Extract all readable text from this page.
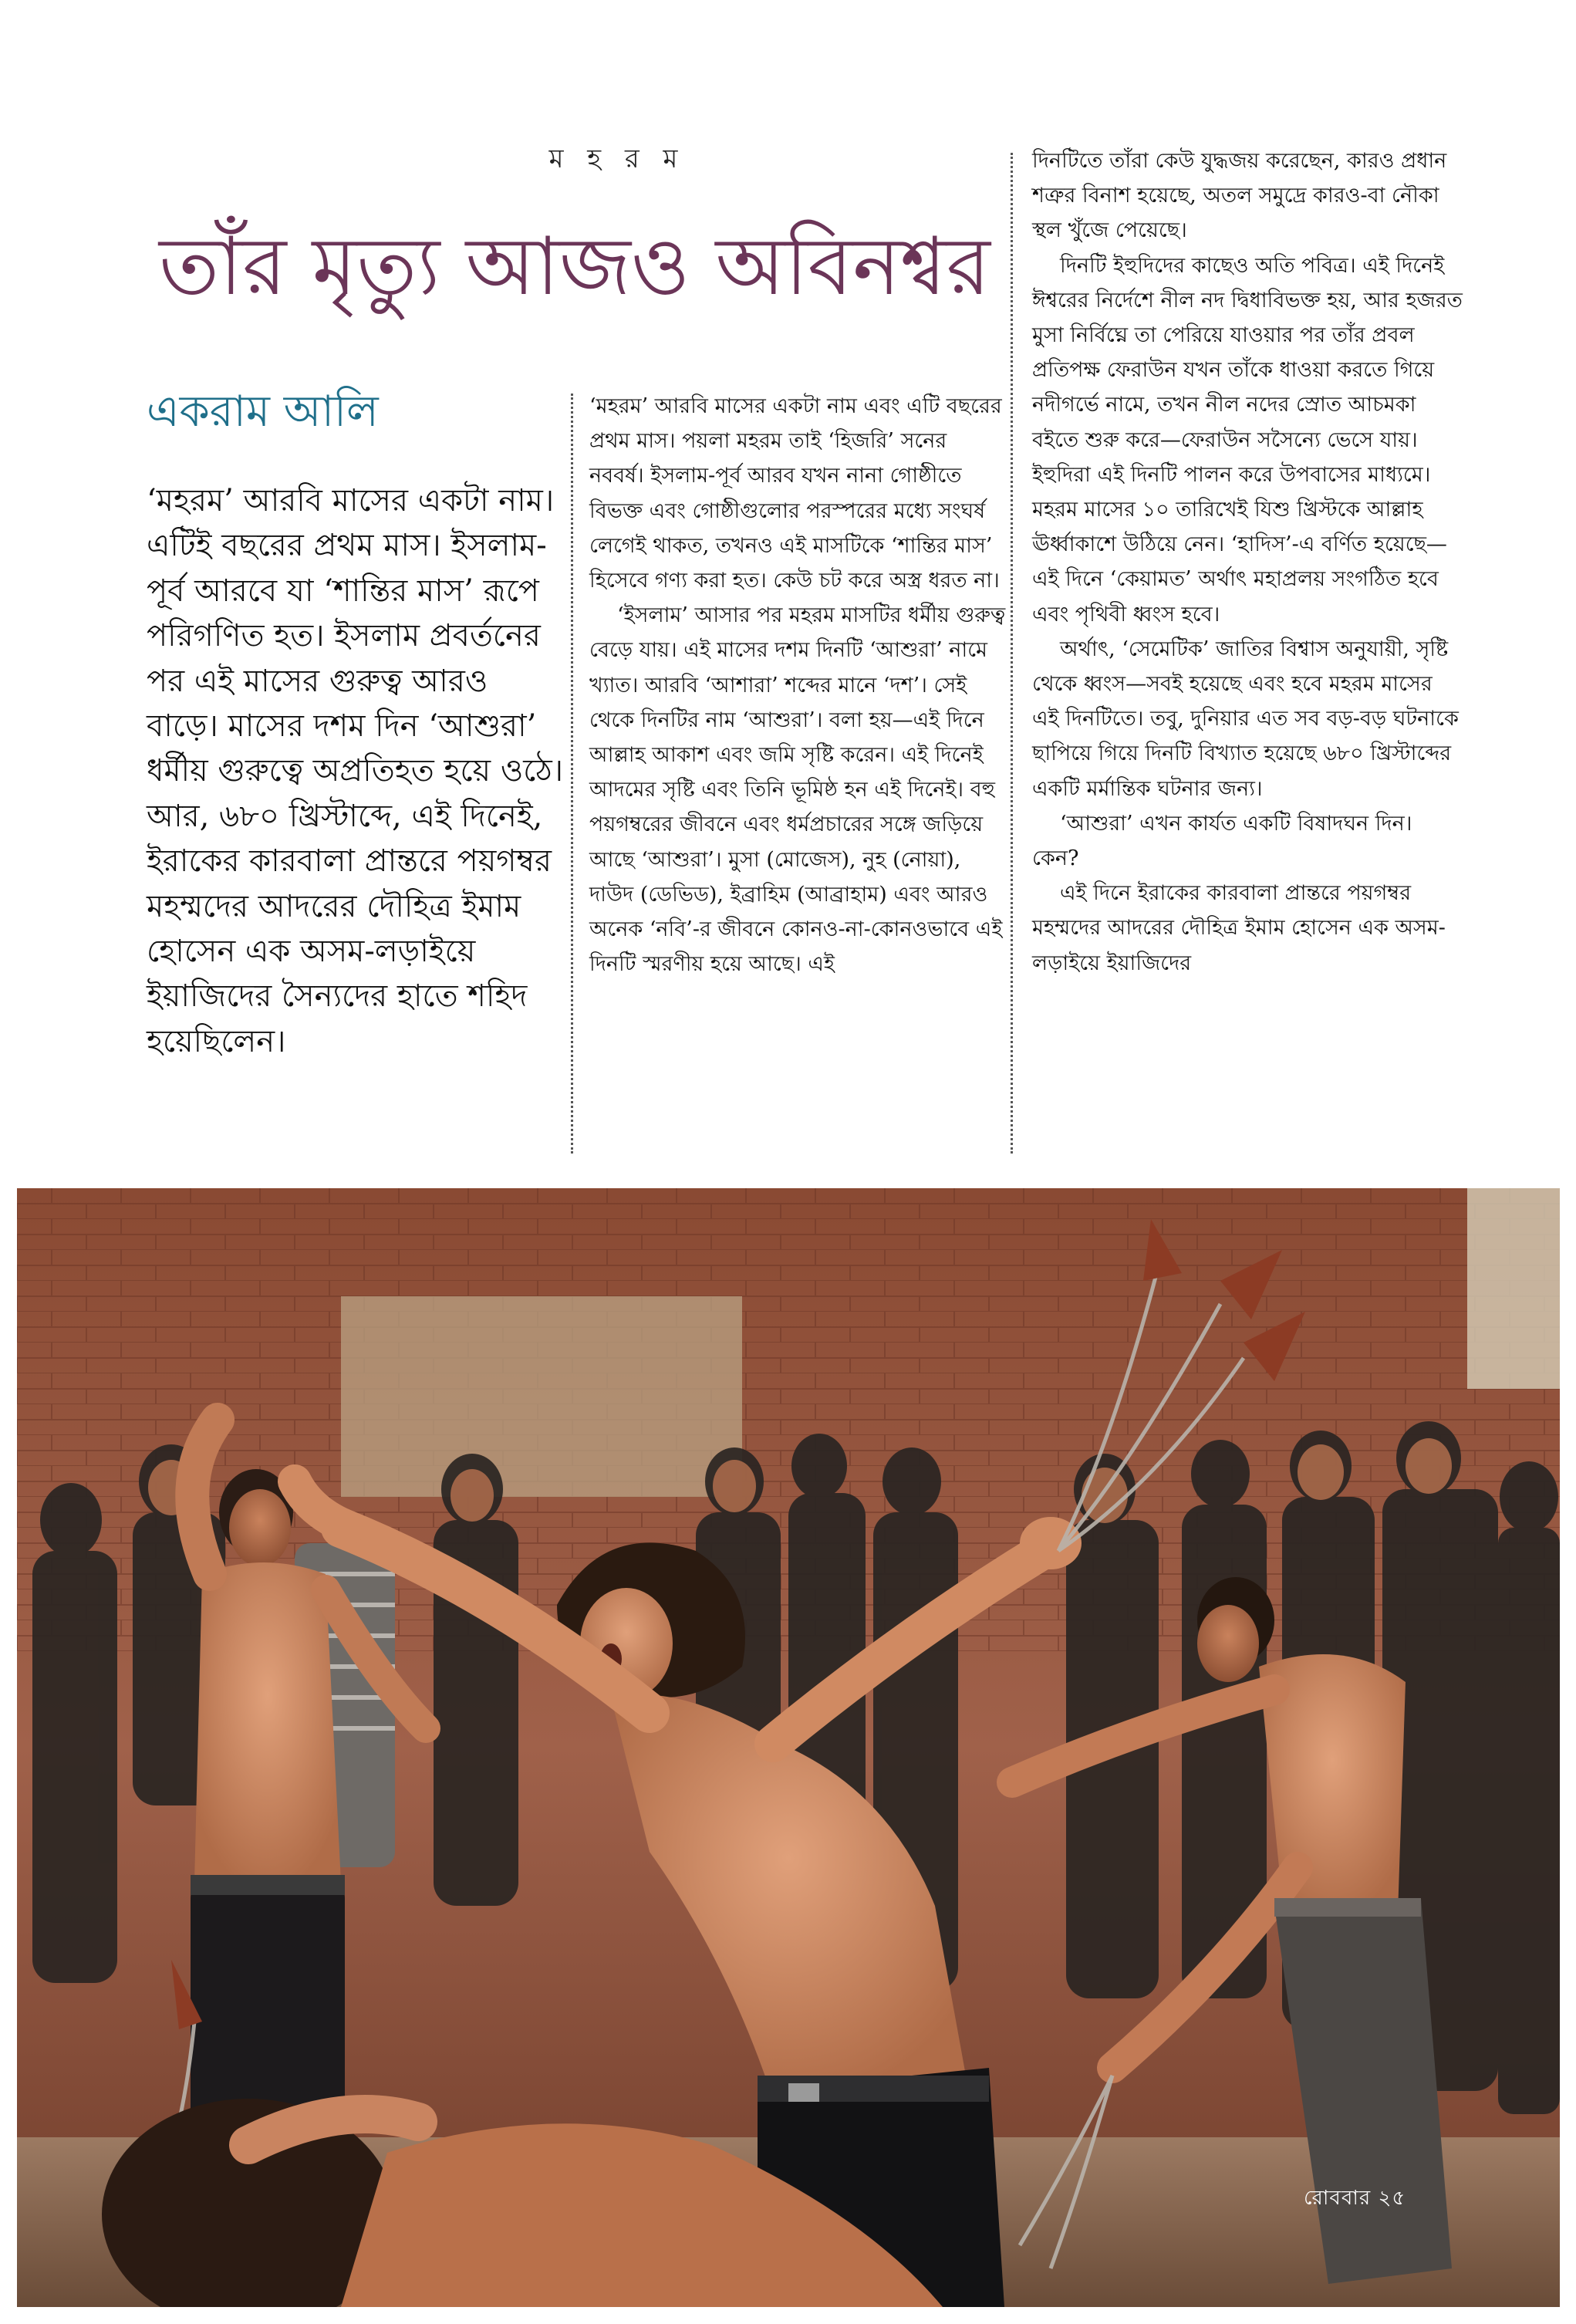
ম হ র ম
তাঁর মৃত্যু আজও অবিনশ্বর
একরাম আলি
‘মহরম’ আরবি মাসের একটা নাম। এটিই বছরের প্রথম মাস। ইসলাম-পূর্ব আরবে যা ‘শান্তির মাস’ রূপে পরিগণিত হত। ইসলাম প্রবর্তনের পর এই মাসের গুরুত্ব আরও বাড়ে। মাসের দশম দিন ‘আশুরা’ ধর্মীয় গুরুত্বে অপ্রতিহত হয়ে ওঠে। আর, ৬৮০ খ্রিস্টাব্দে, এই দিনেই, ইরাকের কারবালা প্রান্তরে পয়গম্বর মহম্মদের আদরের দৌহিত্র ইমাম হোসেন এক অসম-লড়াইয়ে ইয়াজিদের সৈন্যদের হাতে শহিদ হয়েছিলেন।

‘মহরম’ আরবি মাসের একটা নাম এবং এটি বছরের প্রথম মাস। পয়লা মহরম তাই ‘হিজরি’ সনের নববর্ষ। ইসলাম-পূর্ব আরব যখন নানা গোষ্ঠীতে বিভক্ত এবং গোষ্ঠীগুলোর পরস্পরের মধ্যে সংঘর্ষ লেগেই থাকত, তখনও এই মাসটিকে ‘শান্তির মাস’ হিসেবে গণ্য করা হত। কেউ চট করে অস্ত্র ধরত না।

‘ইসলাম’ আসার পর মহরম মাসটির ধর্মীয় গুরুত্ব বেড়ে যায়। এই মাসের দশম দিনটি ‘আশুরা’ নামে খ্যাত। আরবি ‘আশারা’ শব্দের মানে ‘দশ’। সেই থেকে দিনটির নাম ‘আশুরা’। বলা হয়—এই দিনে আল্লাহ আকাশ এবং জমি সৃষ্টি করেন। এই দিনেই আদমের সৃষ্টি এবং তিনি ভূমিষ্ঠ হন এই দিনেই। বহু পয়গম্বরের জীবনে এবং ধর্মপ্রচারের সঙ্গে জড়িয়ে আছে ‘আশুরা’। মুসা (মোজেস), নুহ (নোয়া), দাউদ (ডেভিড), ইব্রাহিম (আব্রাহাম) এবং আরও অনেক ‘নবি’-র জীবনে কোনও-না-কোনওভাবে এই দিনটি স্মরণীয় হয়ে আছে। এই

দিনটিতে তাঁরা কেউ যুদ্ধজয় করেছেন, কারও প্রধান শত্রুর বিনাশ হয়েছে, অতল সমুদ্রে কারও-বা নৌকা স্থল খুঁজে পেয়েছে।

দিনটি ইহুদিদের কাছেও অতি পবিত্র। এই দিনেই ঈশ্বরের নির্দেশে নীল নদ দ্বিধাবিভক্ত হয়, আর হজরত মুসা নির্বিঘ্নে তা পেরিয়ে যাওয়ার পর তাঁর প্রবল প্রতিপক্ষ ফেরাউন যখন তাঁকে ধাওয়া করতে গিয়ে নদীগর্ভে নামে, তখন নীল নদের স্রোত আচমকা বইতে শুরু করে—ফেরাউন সসৈন্যে ভেসে যায়। ইহুদিরা এই দিনটি পালন করে উপবাসের মাধ্যমে। মহরম মাসের ১০ তারিখেই যিশু খ্রিস্টকে আল্লাহ ঊর্ধ্বাকাশে উঠিয়ে নেন। ‘হাদিস’-এ বর্ণিত হয়েছে—এই দিনে ‘কেয়ামত’ অর্থাৎ মহাপ্রলয় সংগঠিত হবে এবং পৃথিবী ধ্বংস হবে।

অর্থাৎ, ‘সেমেটিক’ জাতির বিশ্বাস অনুযায়ী, সৃষ্টি থেকে ধ্বংস—সবই হয়েছে এবং হবে মহরম মাসের এই দিনটিতে। তবু, দুনিয়ার এত সব বড়-বড় ঘটনাকে ছাপিয়ে গিয়ে দিনটি বিখ্যাত হয়েছে ৬৮০ খ্রিস্টাব্দের একটি মর্মান্তিক ঘটনার জন্য।

‘আশুরা’ এখন কার্যত একটি বিষাদঘন দিন। কেন?

এই দিনে ইরাকের কারবালা প্রান্তরে পয়গম্বর মহম্মদের আদরের দৌহিত্র ইমাম হোসেন এক অসম-লড়াইয়ে ইয়াজিদের

রোববার ২৫
